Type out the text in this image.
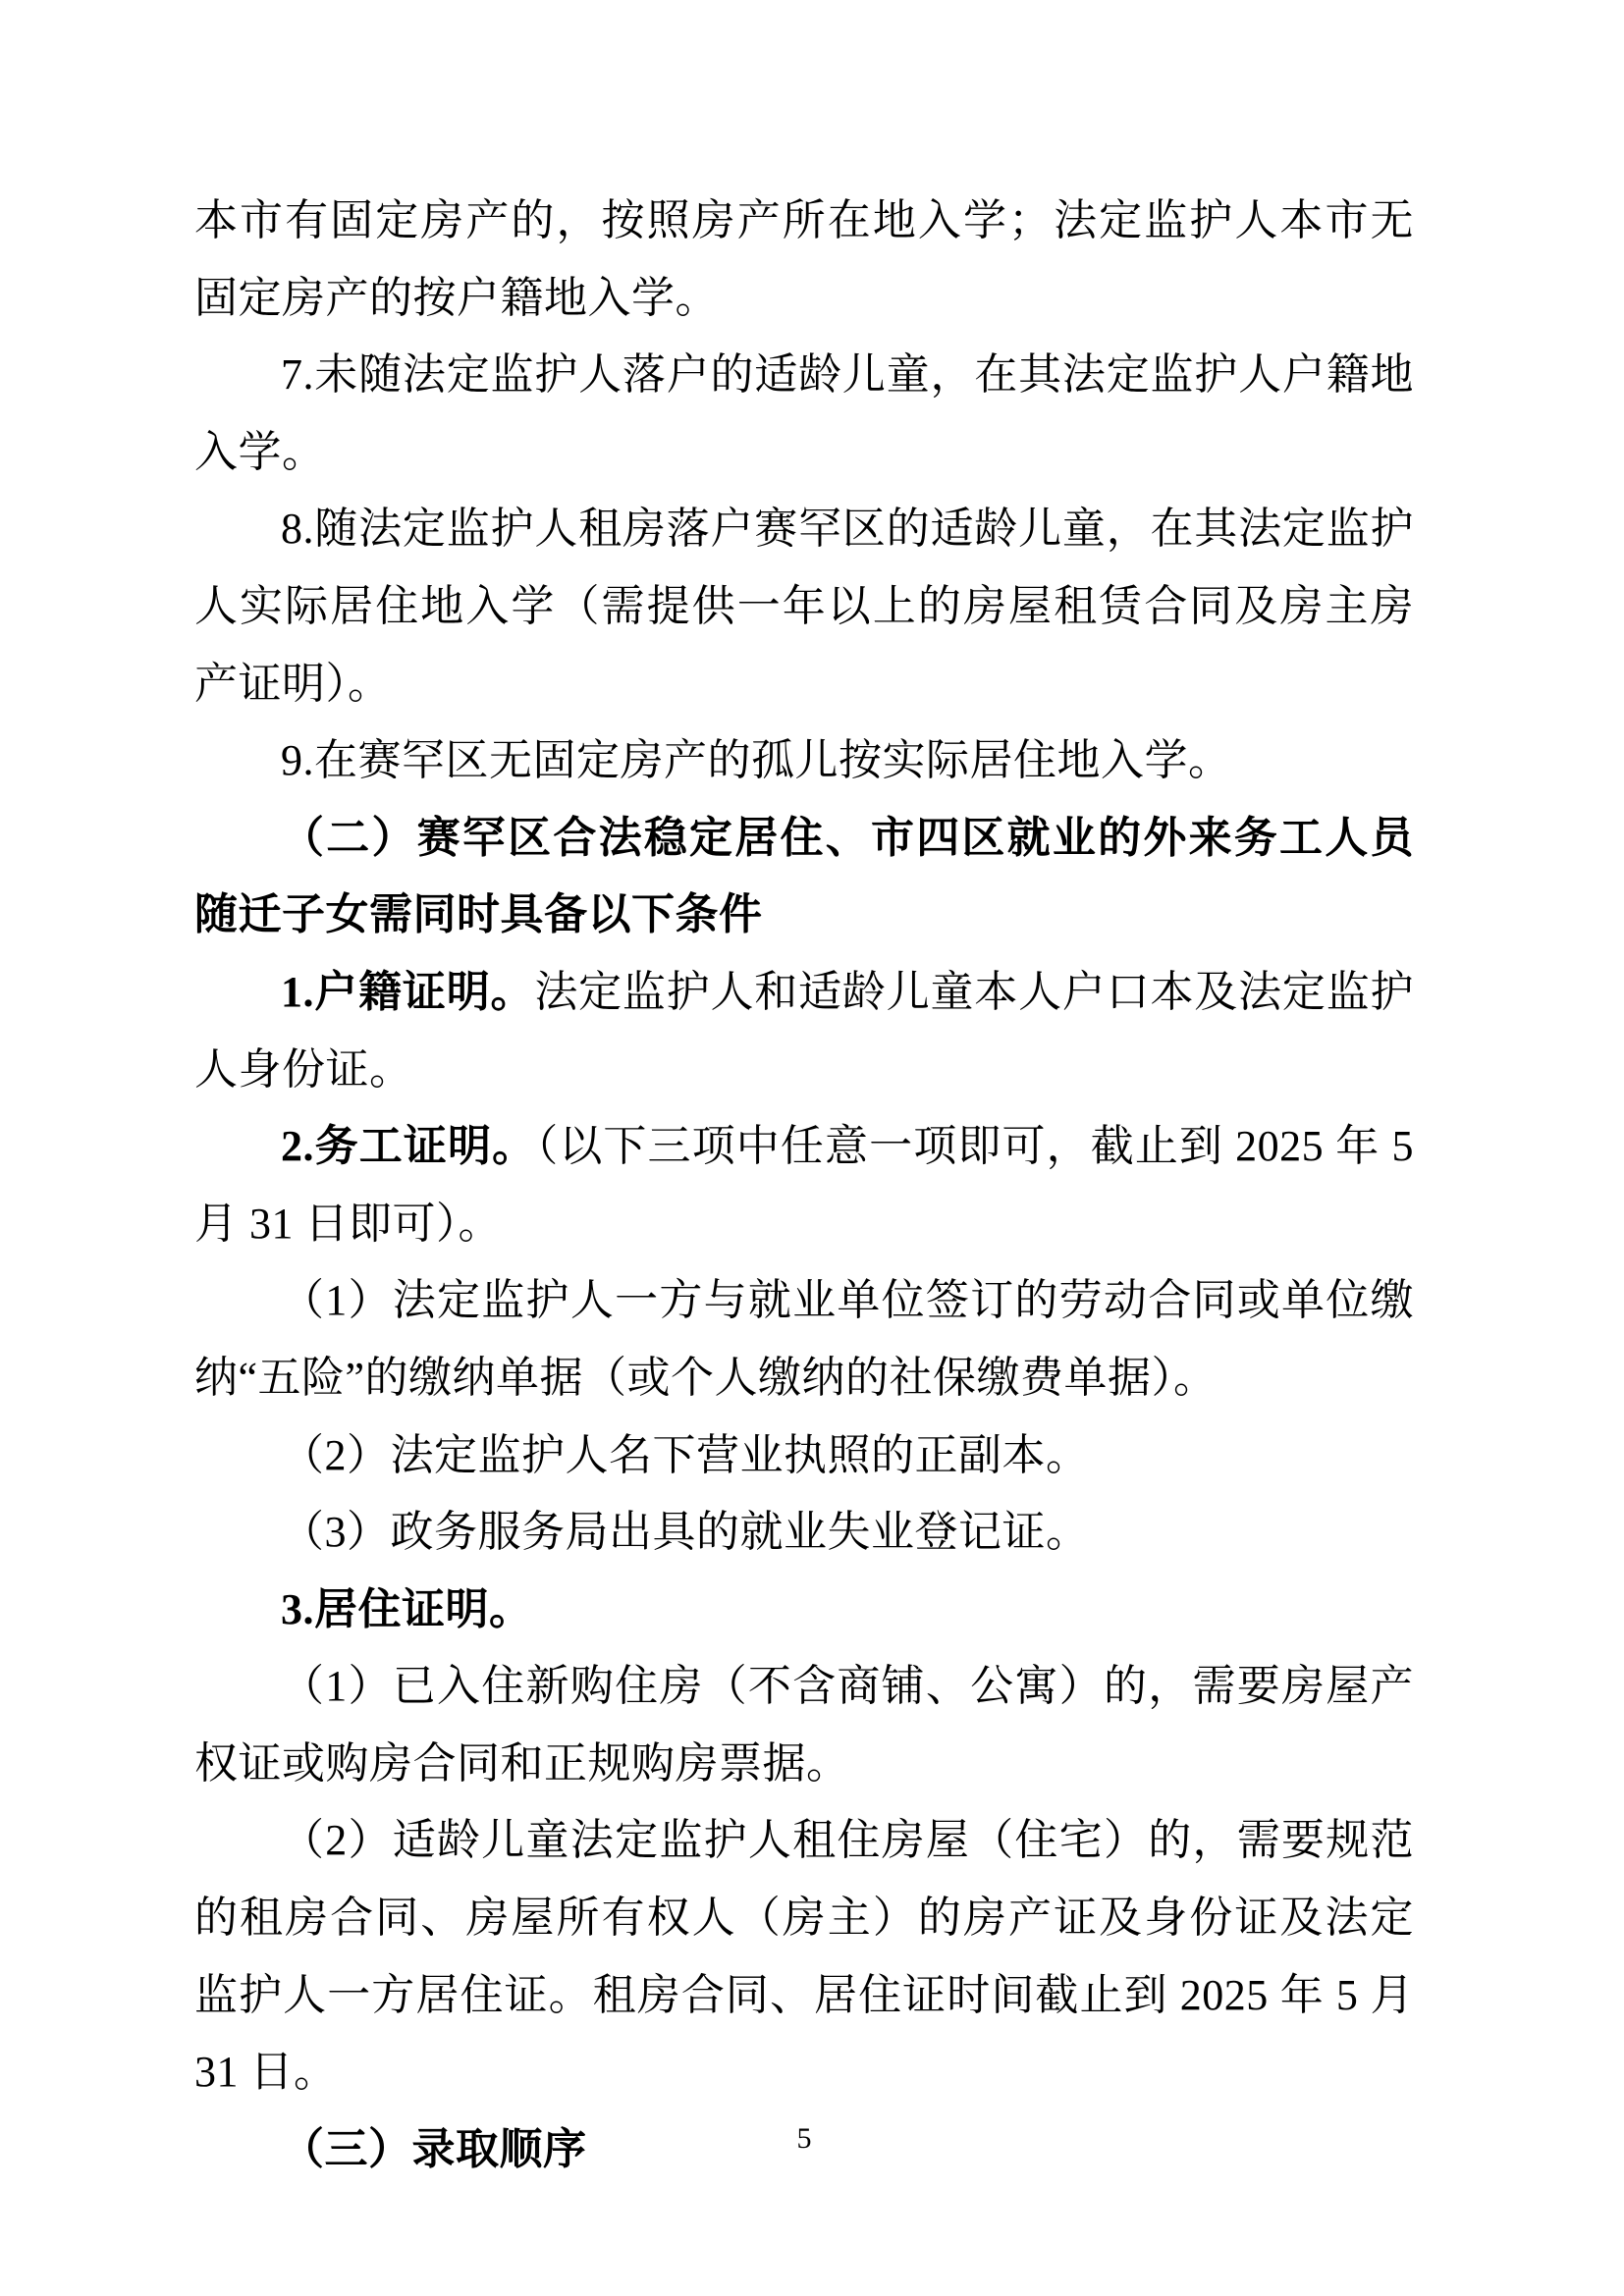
本市有固定房产的，按照房产所在地入学；法定监护人本市无固定房产的按户籍地入学。

7.未随法定监护人落户的适龄儿童，在其法定监护人户籍地入学。

8.随法定监护人租房落户赛罕区的适龄儿童，在其法定监护人实际居住地入学（需提供一年以上的房屋租赁合同及房主房产证明）。

9.在赛罕区无固定房产的孤儿按实际居住地入学。

（二）赛罕区合法稳定居住、市四区就业的外来务工人员随迁子女需同时具备以下条件

1.户籍证明。法定监护人和适龄儿童本人户口本及法定监护人身份证。

2.务工证明。（以下三项中任意一项即可，截止到 2025 年 5 月 31 日即可）。

（1）法定监护人一方与就业单位签订的劳动合同或单位缴纳“五险”的缴纳单据（或个人缴纳的社保缴费单据）。

（2）法定监护人名下营业执照的正副本。

（3）政务服务局出具的就业失业登记证。

3.居住证明。

（1）已入住新购住房（不含商铺、公寓）的，需要房屋产权证或购房合同和正规购房票据。

（2）适龄儿童法定监护人租住房屋（住宅）的，需要规范的租房合同、房屋所有权人（房主）的房产证及身份证及法定监护人一方居住证。租房合同、居住证时间截止到 2025 年 5 月 31 日。

（三）录取顺序	5
